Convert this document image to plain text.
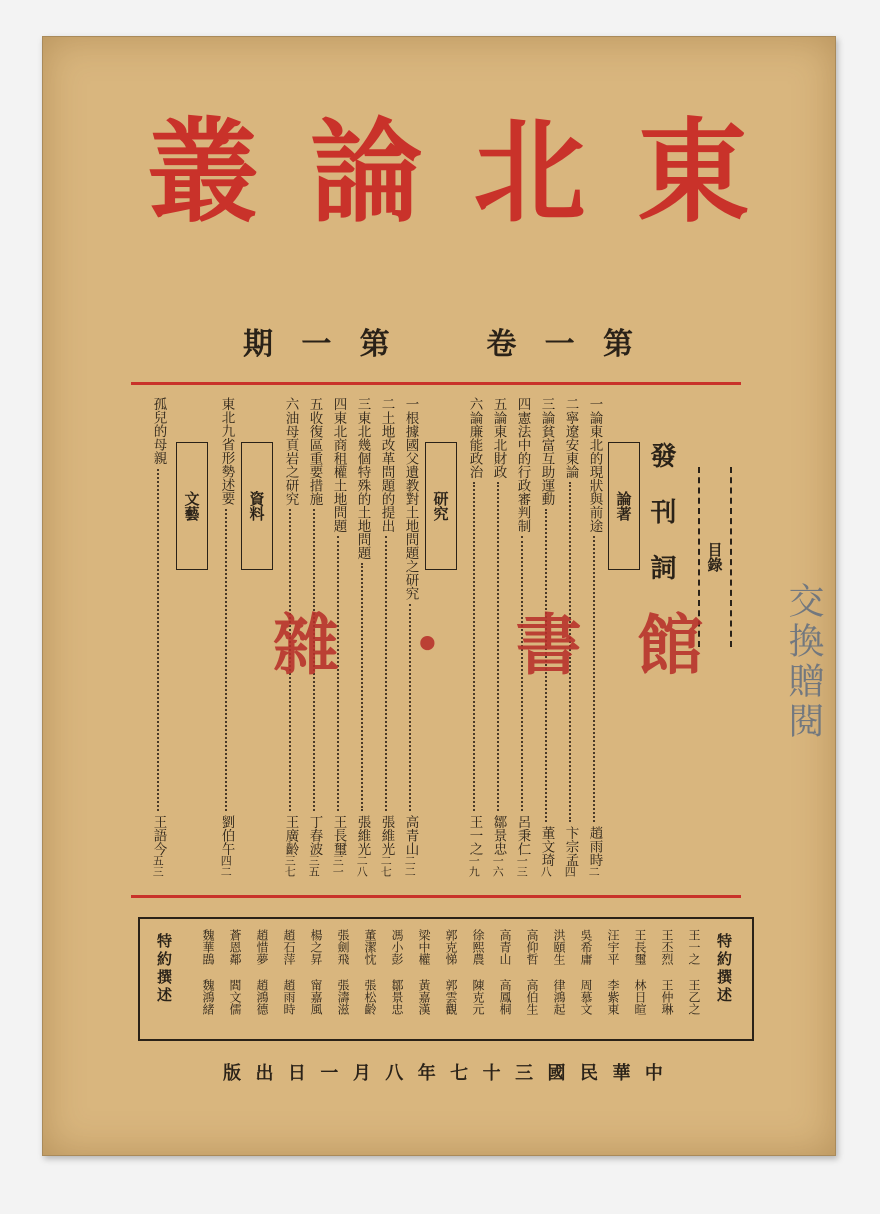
叢 論 北 東
期 一 第	卷 一 第
目錄
發刊詞
論著
研究
資料
文藝
一
論東北的現狀與前途
趙雨時
二
二
寧遼安東論
卞宗孟
四
三
論貧富互助運動
董文琦
八
四
憲法中的行政審判制
呂秉仁
一三
五
論東北財政
鄒景忠
一六
六
論廉能政治
王一之
一九
一
根據國父遺教對土地問題之研究
高青山
二二
二
土地改革問題的提出
張維光
二七
三
東北幾個特殊的土地問題
張維光
二八
四
東北商租權土地問題
王長璽
三一
五
收復區重要措施
丁春波
三五
六
油母頁岩之研究
王廣齡
三七
東北九省形勢述要
劉伯午
四二
孤兒的母親
王語今
五三
雜 ・ 書 館 交換贈閱
特約撰述
王一之 王乙之
王丕烈 王仲琳
王長璽 林日暄
汪宇平 李紫東
吳希庸 周慕文
洪頤生 律鴻起
高仰哲 高伯生
高青山 高鳳桐
徐熙農 陳克元
郭克悌 郭雲觀
梁中權 黃嘉漢
馮小彭 鄒景忠
董潔忱 張松齡
張劍飛 張濤滋
楊之昇 甯嘉風
趙石萍 趙雨時
趙惜夢 趙鴻德
蒼恩鄰 閻文儒
魏華鵾 魏鴻緒
特約撰述
版 出 日 一 月 八 年 七 十 三 國 民 華 中
